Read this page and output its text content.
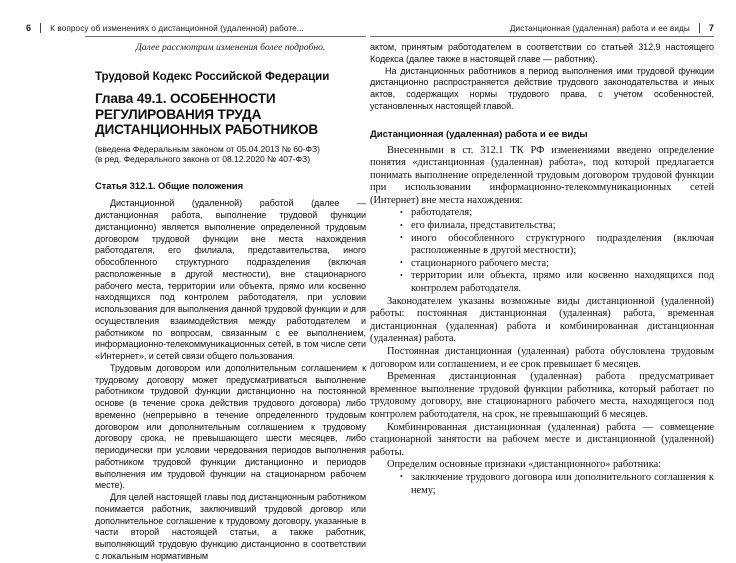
6 К вопросу об изменениях о дистанционной (удаленной) работе...	Дистанционная (удаленная) работа и ее виды 7

Далее рассмотрим изменения более подробно.

Трудовой Кодекс Российской Федерации

Глава 49.1. ОСОБЕННОСТИ РЕГУЛИРОВАНИЯ ТРУДА ДИСТАНЦИОННЫХ РАБОТНИКОВ

(введена Федеральным законом от 05.04.2013 № 60-ФЗ)

(в ред. Федерального закона от 08.12.2020 № 407-ФЗ)

Статья 312.1. Общие положения

Дистанционной (удаленной) работой (далее — дистанционная работа, выполнение трудовой функции дистанционно) является выполнение определенной трудовым договором трудовой функции вне места нахождения работодателя, его филиала, представительства, иного обособленного структурного подразделения (включая расположенные в другой местности), вне стационарного рабочего места, территории или объекта, прямо или косвенно находящихся под контролем работодателя, при условии использования для выполнения данной трудовой функции и для осуществления взаимодействия между работодателем и работником по вопросам, связанным с ее выполнением, информационно-телекоммуникационных сетей, в том числе сети «Интернет», и сетей связи общего пользования.

Трудовым договором или дополнительным соглашением к трудовому договору может предусматриваться выполнение работником трудовой функции дистанционно на постоянной основе (в течение срока действия трудового договора) либо временно (непрерывно в течение определенного трудовым договором или дополнительным соглашением к трудовому договору срока, не превышающего шести месяцев, либо периодически при условии чередования периодов выполнения работником трудовой функции дистанционно и периодов выполнения им трудовой функции на стационарном рабочем месте).

Для целей настоящей главы под дистанционным работником понимается работник, заключивший трудовой договор или дополнительное соглашение к трудовому договору, указанные в части второй настоящей статьи, а также работник, выполняющий трудовую функцию дистанционно в соответствии с локальным нормативным

актом, принятым работодателем в соответствии со статьей 312.9 настоящего Кодекса (далее также в настоящей главе — работник).

На дистанционных работников в период выполнения ими трудовой функции дистанционно распространяется действие трудового законодательства и иных актов, содержащих нормы трудового права, с учетом особенностей, установленных настоящей главой.

Дистанционная (удаленная) работа и ее виды

Внесенными в ст. 312.1 ТК РФ изменениями введено определение понятия «дистанционная (удаленная) работа», под которой предлагается понимать выполнение определенной трудовым договором трудовой функции при использовании информационно-телекоммуникационных сетей (Интернет) вне места нахождения:

• работодателя;
• его филиала, представительства;
• иного обособленного структурного подразделения (включая расположенные в другой местности);
• стационарного рабочего места;
• территории или объекта, прямо или косвенно находящихся под контролем работодателя.

Законодателем указаны возможные виды дистанционной (удаленной) работы: постоянная дистанционная (удаленная) работа, временная дистанционная (удаленная) работа и комбинированная дистанционная (удаленная) работа.

Постоянная дистанционная (удаленная) работа обусловлена трудовым договором или соглашением, и ее срок превышает 6 месяцев.

Временная дистанционная (удаленная) работа предусматривает временное выполнение трудовой функции работника, который работает по трудовому договору, вне стационарного рабочего места, находящегося под контролем работодателя, на срок, не превышающий 6 месяцев.

Комбинированная дистанционная (удаленная) работа — совмещение стационарной занятости на рабочем месте и дистанционной (удаленной) работы.

Определим основные признаки «дистанционного» работника:

• заключение трудового договора или дополнительного соглашения к нему;
